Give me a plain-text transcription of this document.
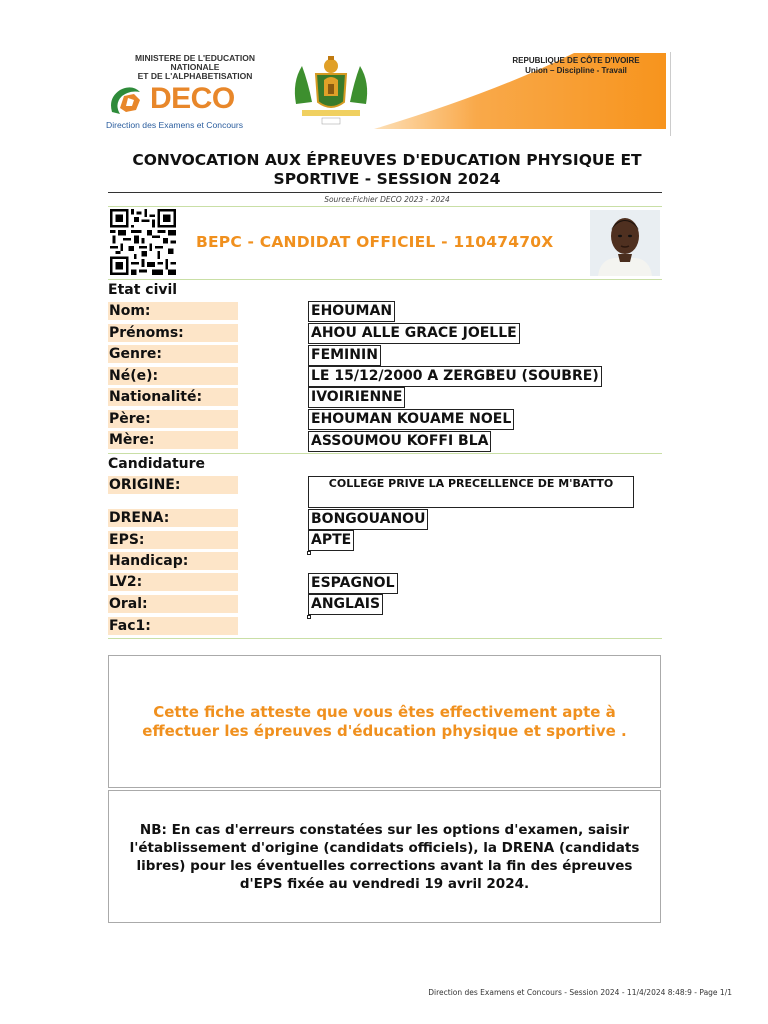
MINISTERE DE L'EDUCATION NATIONALE
ET DE L'ALPHABETISATION
DECO
Direction des Examens et Concours
REPUBLIQUE DE CÔTE D'IVOIRE
Union – Discipline - Travail
CONVOCATION AUX ÉPREUVES D'EDUCATION PHYSIQUE ET SPORTIVE - SESSION 2024
Source:Fichier DECO 2023 - 2024
BEPC - CANDIDAT OFFICIEL - 11047470X
Etat civil
Nom:	EHOUMAN
Prénoms:	AHOU ALLE GRACE JOELLE
Genre:	FEMININ
Né(e):	LE 15/12/2000 A ZERGBEU (SOUBRE)
Nationalité:	IVOIRIENNE
Père:	EHOUMAN KOUAME NOEL
Mère:	ASSOUMOU KOFFI BLA
Candidature
ORIGINE:	COLLEGE PRIVE LA PRECELLENCE DE M'BATTO
DRENA:	BONGOUANOU
EPS:	APTE
Handicap:
LV2:	ESPAGNOL
Oral:	ANGLAIS
Fac1:
Cette fiche atteste que vous êtes effectivement apte à effectuer les épreuves d'éducation physique et sportive .
NB: En cas d'erreurs constatées sur les options d'examen, saisir l'établissement d'origine (candidats officiels), la DRENA (candidats libres) pour les éventuelles corrections avant la fin des épreuves d'EPS fixée au vendredi 19 avril 2024.
Direction des Examens et Concours - Session 2024 - 11/4/2024 8:48:9 - Page 1/1
